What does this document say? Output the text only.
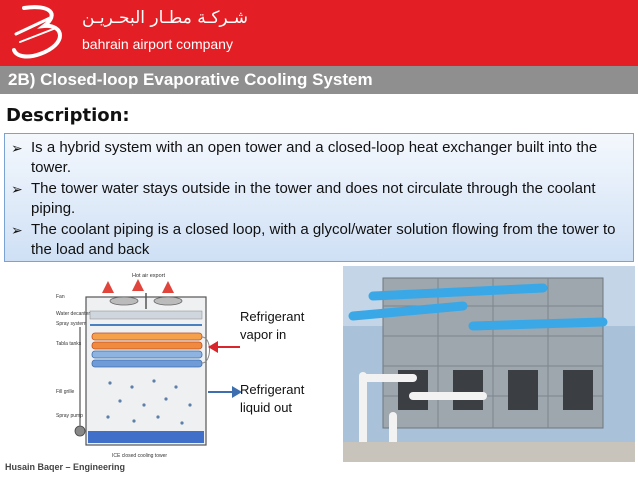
شـركـة مطـار البحـريـن
bahrain airport company
2B) Closed-loop Evaporative Cooling System
Description:
➢ Is a hybrid system with an open tower and a closed-loop heat exchanger built into the tower.
➢ The tower water stays outside in the tower and does not circulate through the coolant piping.
➢ The coolant piping is a closed loop, with a glycol/water solution flowing from the tower to the load and back
Hot air export
Fan
Water decanter
Spray system
Tabla tanks
Fill grille
Spray pump
ICE closed cooling tower
Refrigerant vapor in
Refrigerant liquid out
Husain Baqer – Engineering
